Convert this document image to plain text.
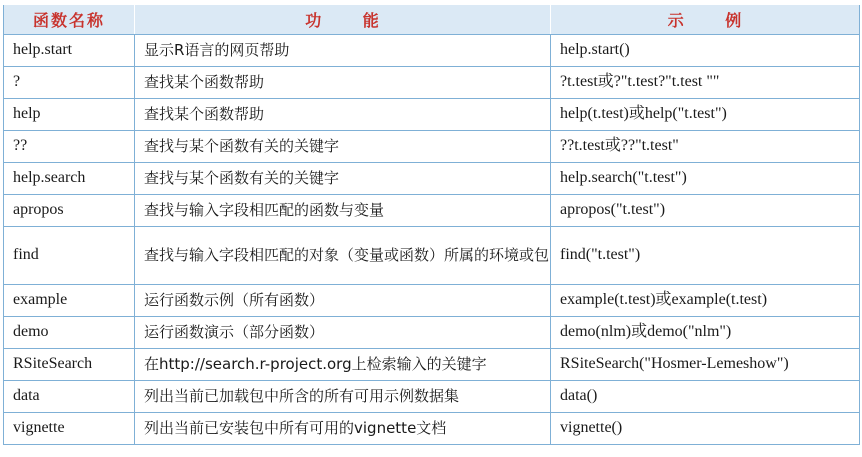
函数名称	功 能	示 例
help.start	显示R语言的网页帮助	help.start()
?	查找某个函数帮助	?t.test或?"t.test?"t.test ""
help	查找某个函数帮助	help(t.test)或help("t.test")
??	查找与某个函数有关的关键字	??t.test或??"t.test"
help.search	查找与某个函数有关的关键字	help.search("t.test")
apropos	查找与输入字段相匹配的函数与变量	apropos("t.test")
find	查找与输入字段相匹配的对象（变量或函数）所属的环境或包	find("t.test")
example	运行函数示例（所有函数）	example(t.test)或example(t.test)
demo	运行函数演示（部分函数）	demo(nlm)或demo("nlm")
RSiteSearch	在http://search.r-project.org上检索输入的关键字	RSiteSearch("Hosmer-Lemeshow")
data	列出当前已加载包中所含的所有可用示例数据集	data()
vignette	列出当前已安装包中所有可用的vignette文档	vignette()
